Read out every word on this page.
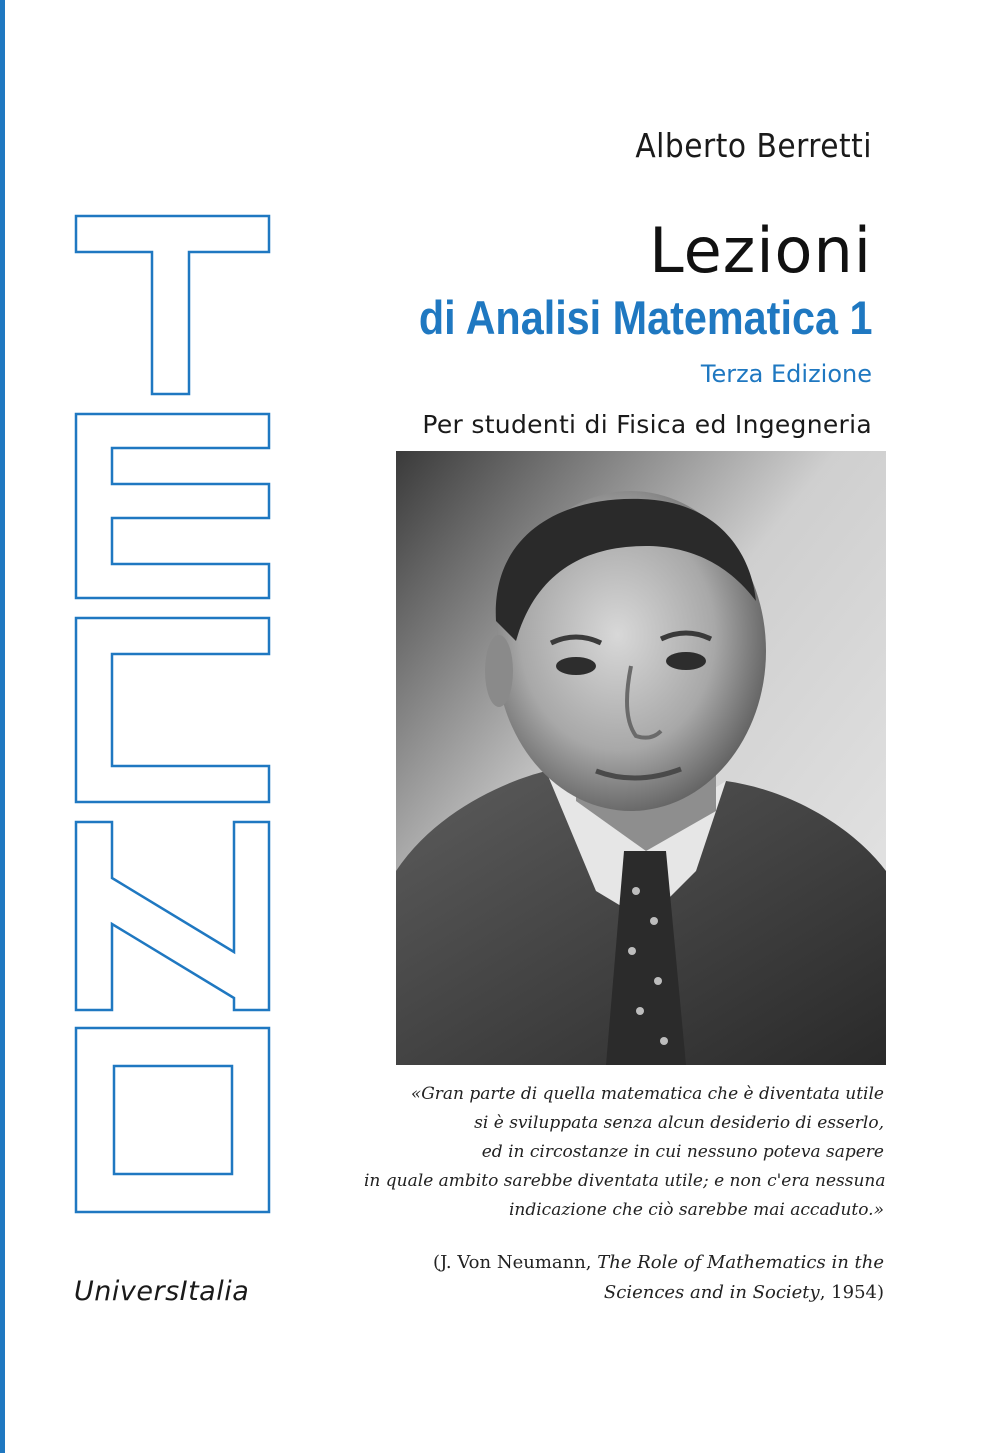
Alberto Berretti
Lezioni
di Analisi Matematica 1
Terza Edizione
Per studenti di Fisica ed Ingegneria
«Gran parte di quella matematica che è diventata utile
si è sviluppata senza alcun desiderio di esserlo,
ed in circostanze in cui nessuno poteva sapere
in quale ambito sarebbe diventata utile; e non c'era nessuna
indicazione che ciò sarebbe mai accaduto.»
(J. Von Neumann, The Role of Mathematics in the
Sciences and in Society, 1954)
UniversItalia
